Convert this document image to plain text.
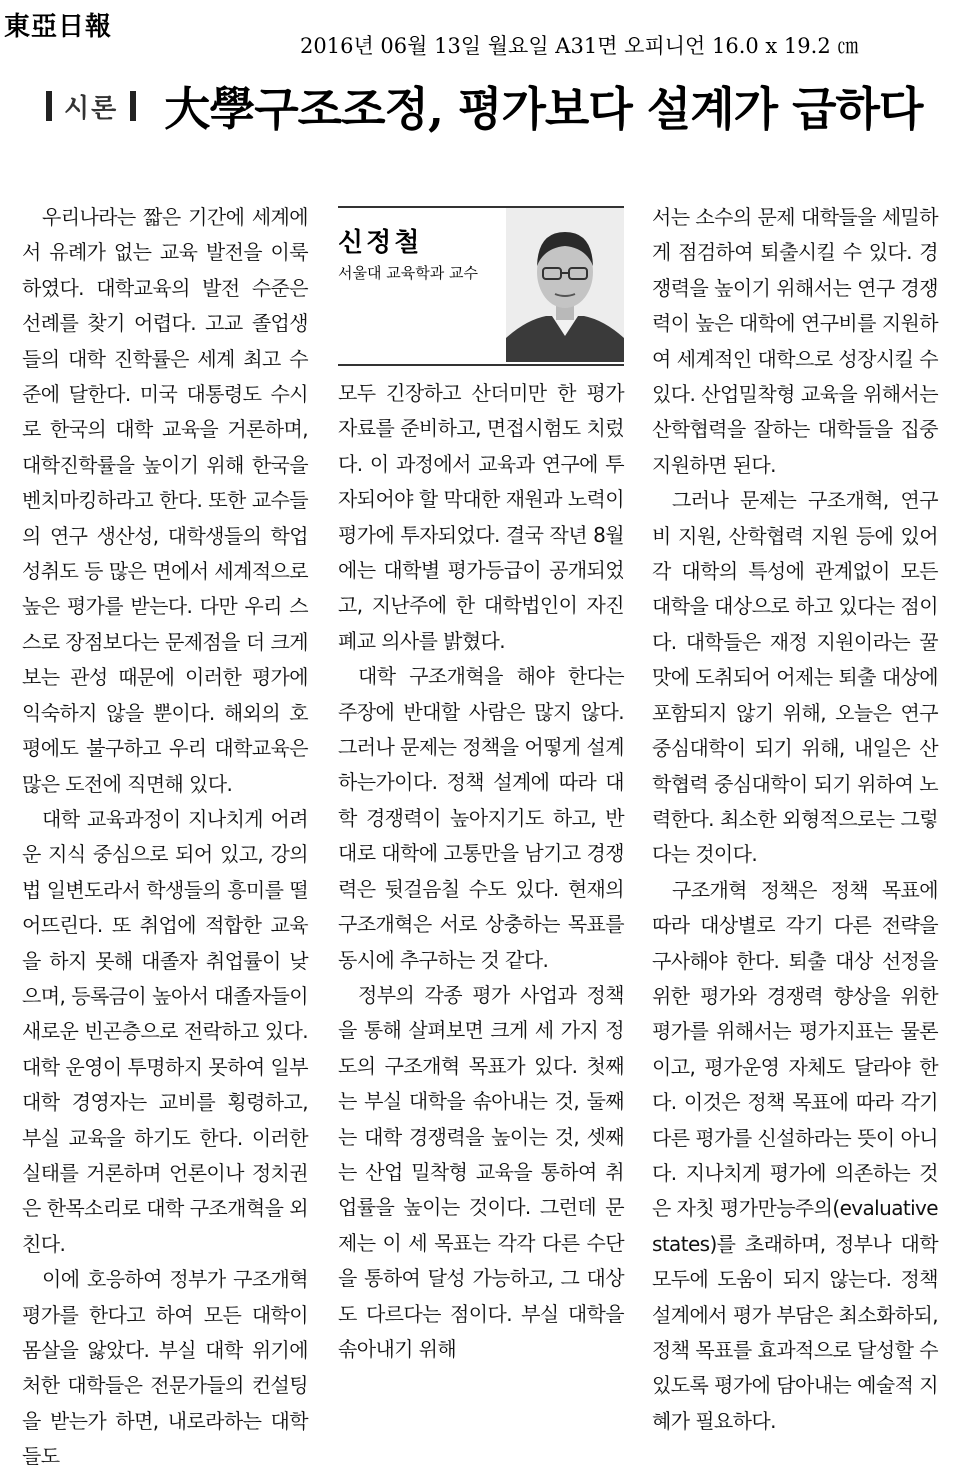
東亞日報
2016년 06월 13일 월요일 A31면 오피니언 16.0 x 19.2 ㎝
시론 大學구조조정, 평가보다 설계가 급하다

우리나라는 짧은 기간에 세계에서 유례가 없는 교육 발전을 이룩하였다. 대학교육의 발전 수준은 선례를 찾기 어렵다. 고교 졸업생들의 대학 진학률은 세계 최고 수준에 달한다. 미국 대통령도 수시로 한국의 대학 교육을 거론하며, 대학진학률을 높이기 위해 한국을 벤치마킹하라고 한다. 또한 교수들의 연구 생산성, 대학생들의 학업성취도 등 많은 면에서 세계적으로 높은 평가를 받는다. 다만 우리 스스로 장점보다는 문제점을 더 크게 보는 관성 때문에 이러한 평가에 익숙하지 않을 뿐이다. 해외의 호평에도 불구하고 우리 대학교육은 많은 도전에 직면해 있다.

대학 교육과정이 지나치게 어려운 지식 중심으로 되어 있고, 강의법 일변도라서 학생들의 흥미를 떨어뜨린다. 또 취업에 적합한 교육을 하지 못해 대졸자 취업률이 낮으며, 등록금이 높아서 대졸자들이 새로운 빈곤층으로 전락하고 있다. 대학 운영이 투명하지 못하여 일부 대학 경영자는 교비를 횡령하고, 부실 교육을 하기도 한다. 이러한 실태를 거론하며 언론이나 정치권은 한목소리로 대학 구조개혁을 외친다.

이에 호응하여 정부가 구조개혁 평가를 한다고 하여 모든 대학이 몸살을 앓았다. 부실 대학 위기에 처한 대학들은 전문가들의 컨설팅을 받는가 하면, 내로라하는 대학들도

신정철
서울대 교육학과 교수

모두 긴장하고 산더미만 한 평가 자료를 준비하고, 면접시험도 치렀다. 이 과정에서 교육과 연구에 투자되어야 할 막대한 재원과 노력이 평가에 투자되었다. 결국 작년 8월에는 대학별 평가등급이 공개되었고, 지난주에 한 대학법인이 자진 폐교 의사를 밝혔다.

대학 구조개혁을 해야 한다는 주장에 반대할 사람은 많지 않다. 그러나 문제는 정책을 어떻게 설계하는가이다. 정책 설계에 따라 대학 경쟁력이 높아지기도 하고, 반대로 대학에 고통만을 남기고 경쟁력은 뒷걸음칠 수도 있다. 현재의 구조개혁은 서로 상충하는 목표를 동시에 추구하는 것 같다.

정부의 각종 평가 사업과 정책을 통해 살펴보면 크게 세 가지 정도의 구조개혁 목표가 있다. 첫째는 부실 대학을 솎아내는 것, 둘째는 대학 경쟁력을 높이는 것, 셋째는 산업 밀착형 교육을 통하여 취업률을 높이는 것이다. 그런데 문제는 이 세 목표는 각각 다른 수단을 통하여 달성 가능하고, 그 대상도 다르다는 점이다. 부실 대학을 솎아내기 위해

서는 소수의 문제 대학들을 세밀하게 점검하여 퇴출시킬 수 있다. 경쟁력을 높이기 위해서는 연구 경쟁력이 높은 대학에 연구비를 지원하여 세계적인 대학으로 성장시킬 수 있다. 산업밀착형 교육을 위해서는 산학협력을 잘하는 대학들을 집중 지원하면 된다.

그러나 문제는 구조개혁, 연구비 지원, 산학협력 지원 등에 있어 각 대학의 특성에 관계없이 모든 대학을 대상으로 하고 있다는 점이다. 대학들은 재정 지원이라는 꿀맛에 도취되어 어제는 퇴출 대상에 포함되지 않기 위해, 오늘은 연구중심대학이 되기 위해, 내일은 산학협력 중심대학이 되기 위하여 노력한다. 최소한 외형적으로는 그렇다는 것이다.

구조개혁 정책은 정책 목표에 따라 대상별로 각기 다른 전략을 구사해야 한다. 퇴출 대상 선정을 위한 평가와 경쟁력 향상을 위한 평가를 위해서는 평가지표는 물론이고, 평가운영 자체도 달라야 한다. 이것은 정책 목표에 따라 각기 다른 평가를 신설하라는 뜻이 아니다. 지나치게 평가에 의존하는 것은 자칫 평가만능주의(evaluative states)를 초래하며, 정부나 대학 모두에 도움이 되지 않는다. 정책 설계에서 평가 부담은 최소화하되, 정책 목표를 효과적으로 달성할 수 있도록 평가에 담아내는 예술적 지혜가 필요하다.
